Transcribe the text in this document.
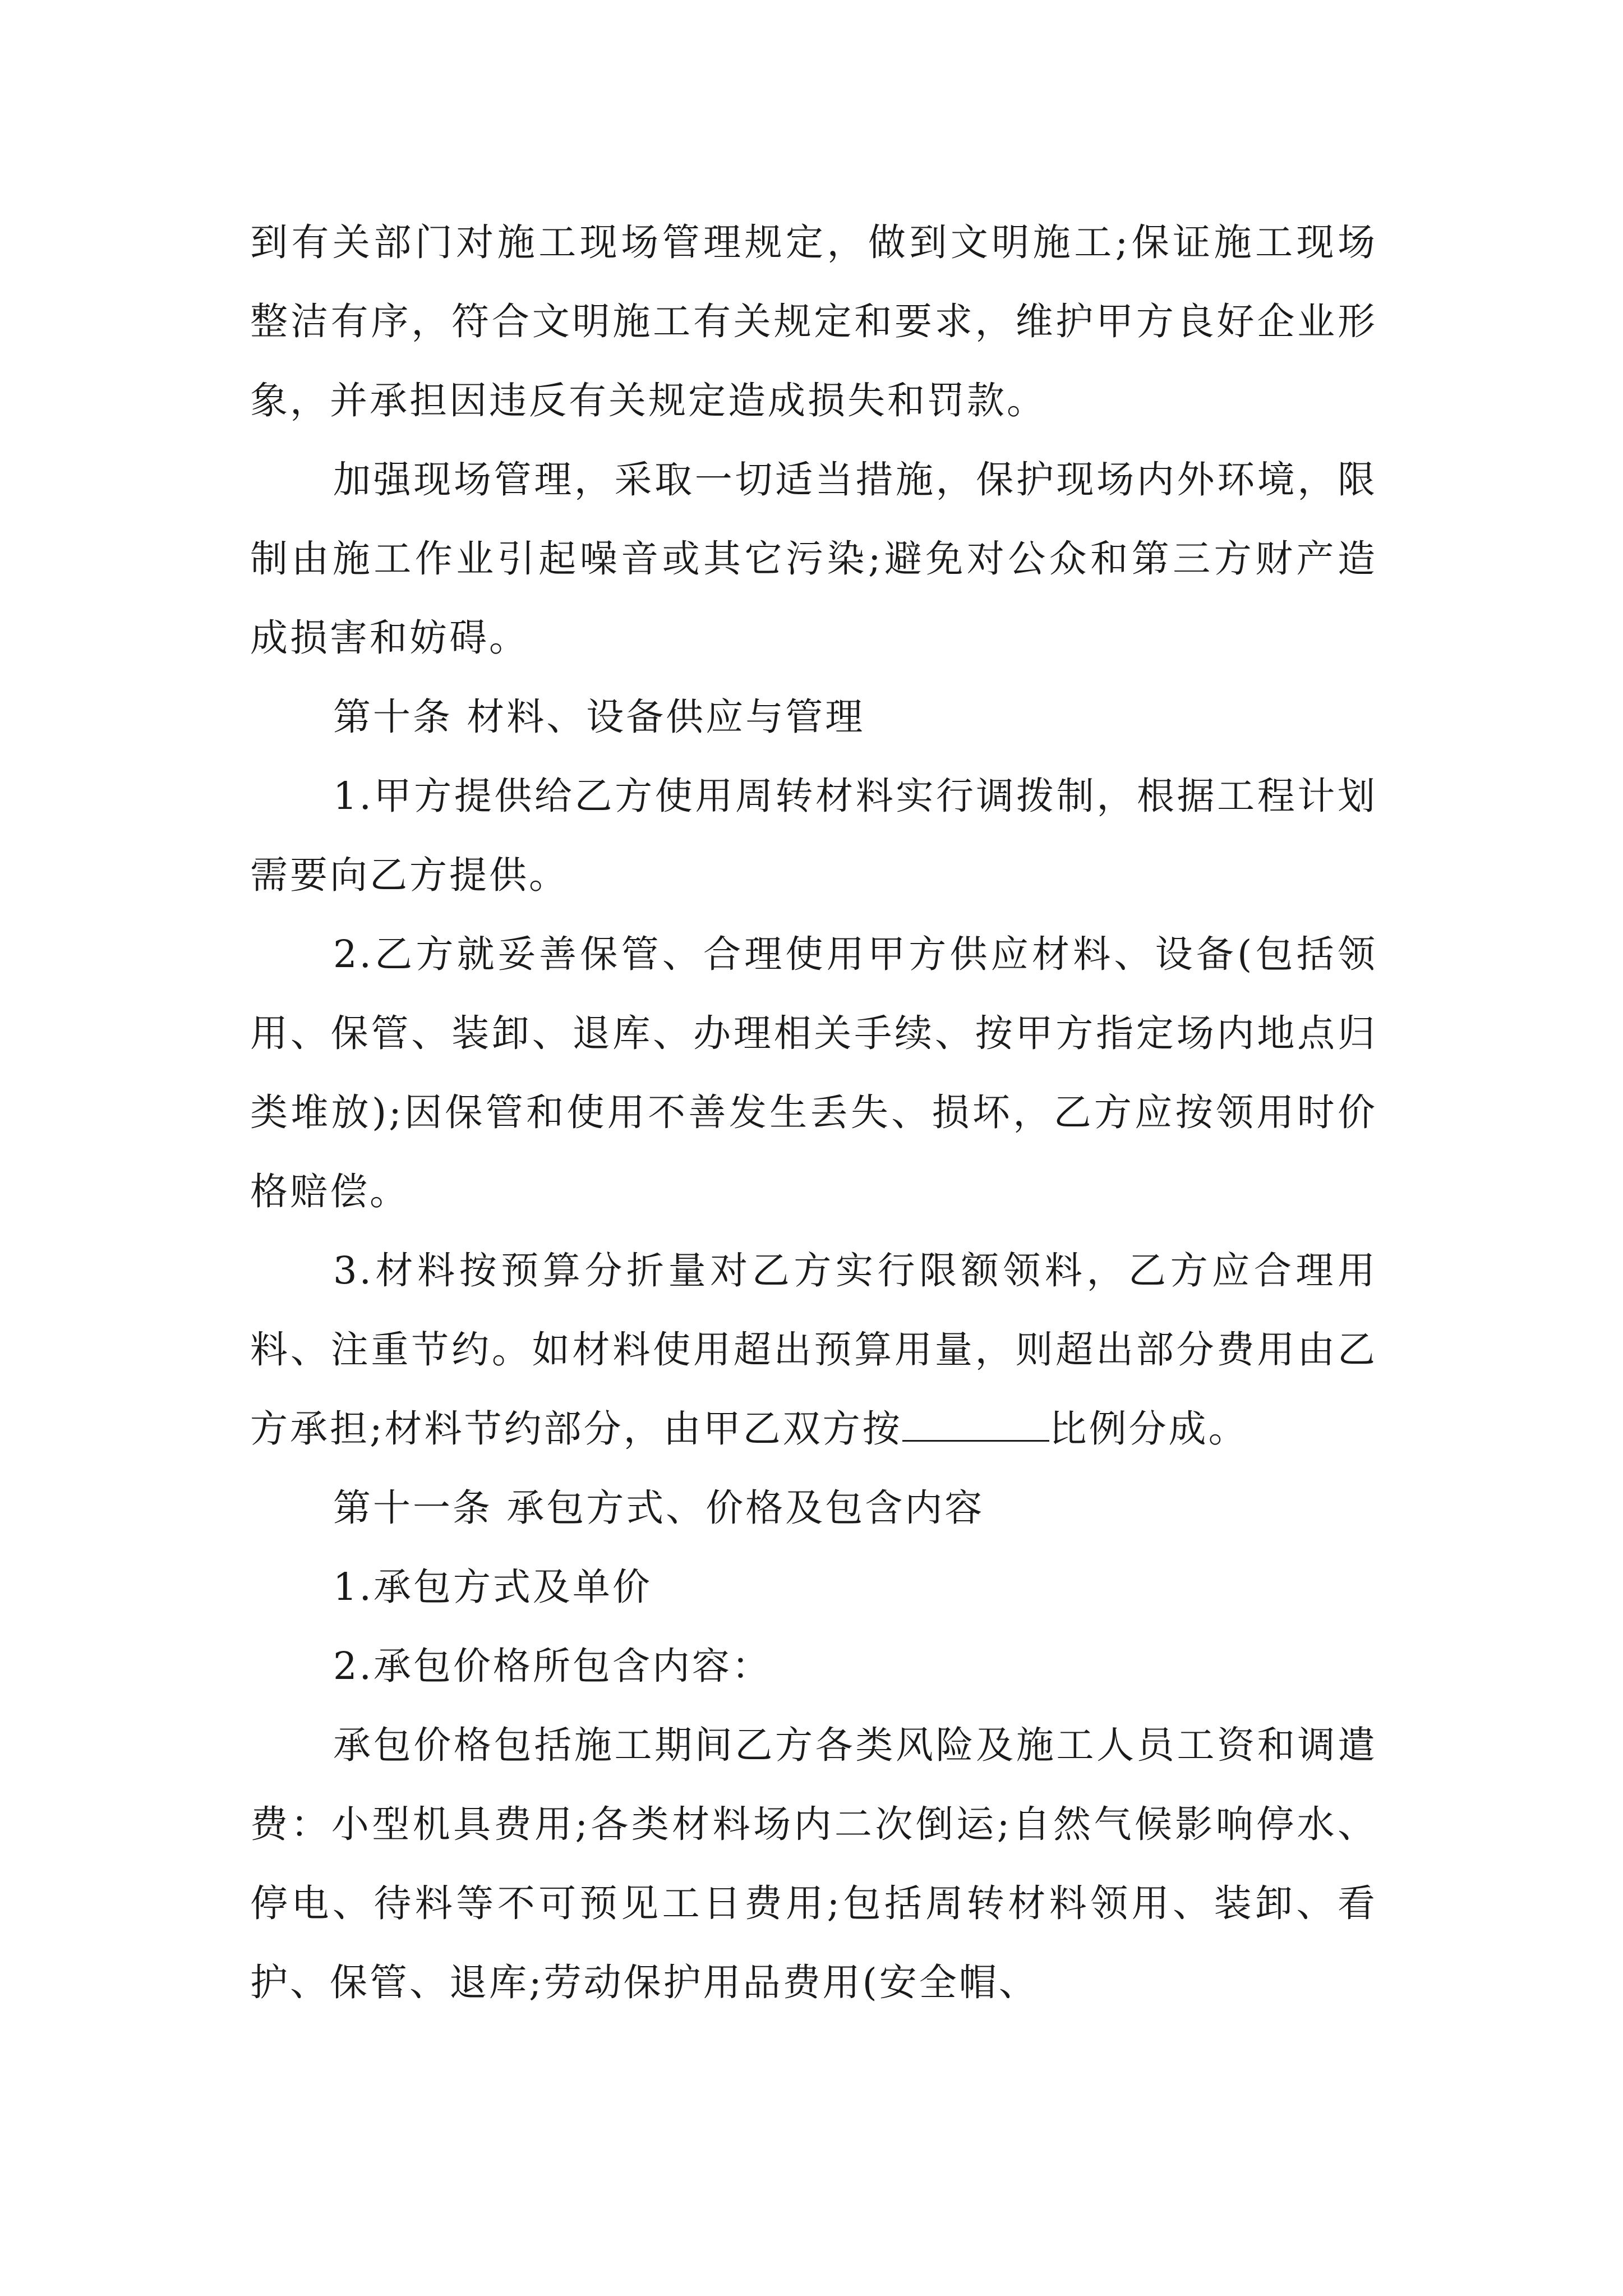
到有关部门对施工现场管理规定，做到文明施工;保证施工现场整洁有序，符合文明施工有关规定和要求，维护甲方良好企业形象，并承担因违反有关规定造成损失和罚款。

加强现场管理，采取一切适当措施，保护现场内外环境，限制由施工作业引起噪音或其它污染;避免对公众和第三方财产造成损害和妨碍。

第十条 材料、设备供应与管理

1.甲方提供给乙方使用周转材料实行调拨制，根据工程计划需要向乙方提供。

2.乙方就妥善保管、合理使用甲方供应材料、设备(包括领用、保管、装卸、退库、办理相关手续、按甲方指定场内地点归类堆放);因保管和使用不善发生丢失、损坏，乙方应按领用时价格赔偿。

3.材料按预算分折量对乙方实行限额领料，乙方应合理用料、注重节约。如材料使用超出预算用量，则超出部分费用由乙方承担;材料节约部分，由甲乙双方按	比例分成。

第十一条 承包方式、价格及包含内容

1.承包方式及单价

2.承包价格所包含内容：

承包价格包括施工期间乙方各类风险及施工人员工资和调遣费：小型机具费用;各类材料场内二次倒运;自然气候影响停水、停电、待料等不可预见工日费用;包括周转材料领用、装卸、看护、保管、退库;劳动保护用品费用(安全帽、
